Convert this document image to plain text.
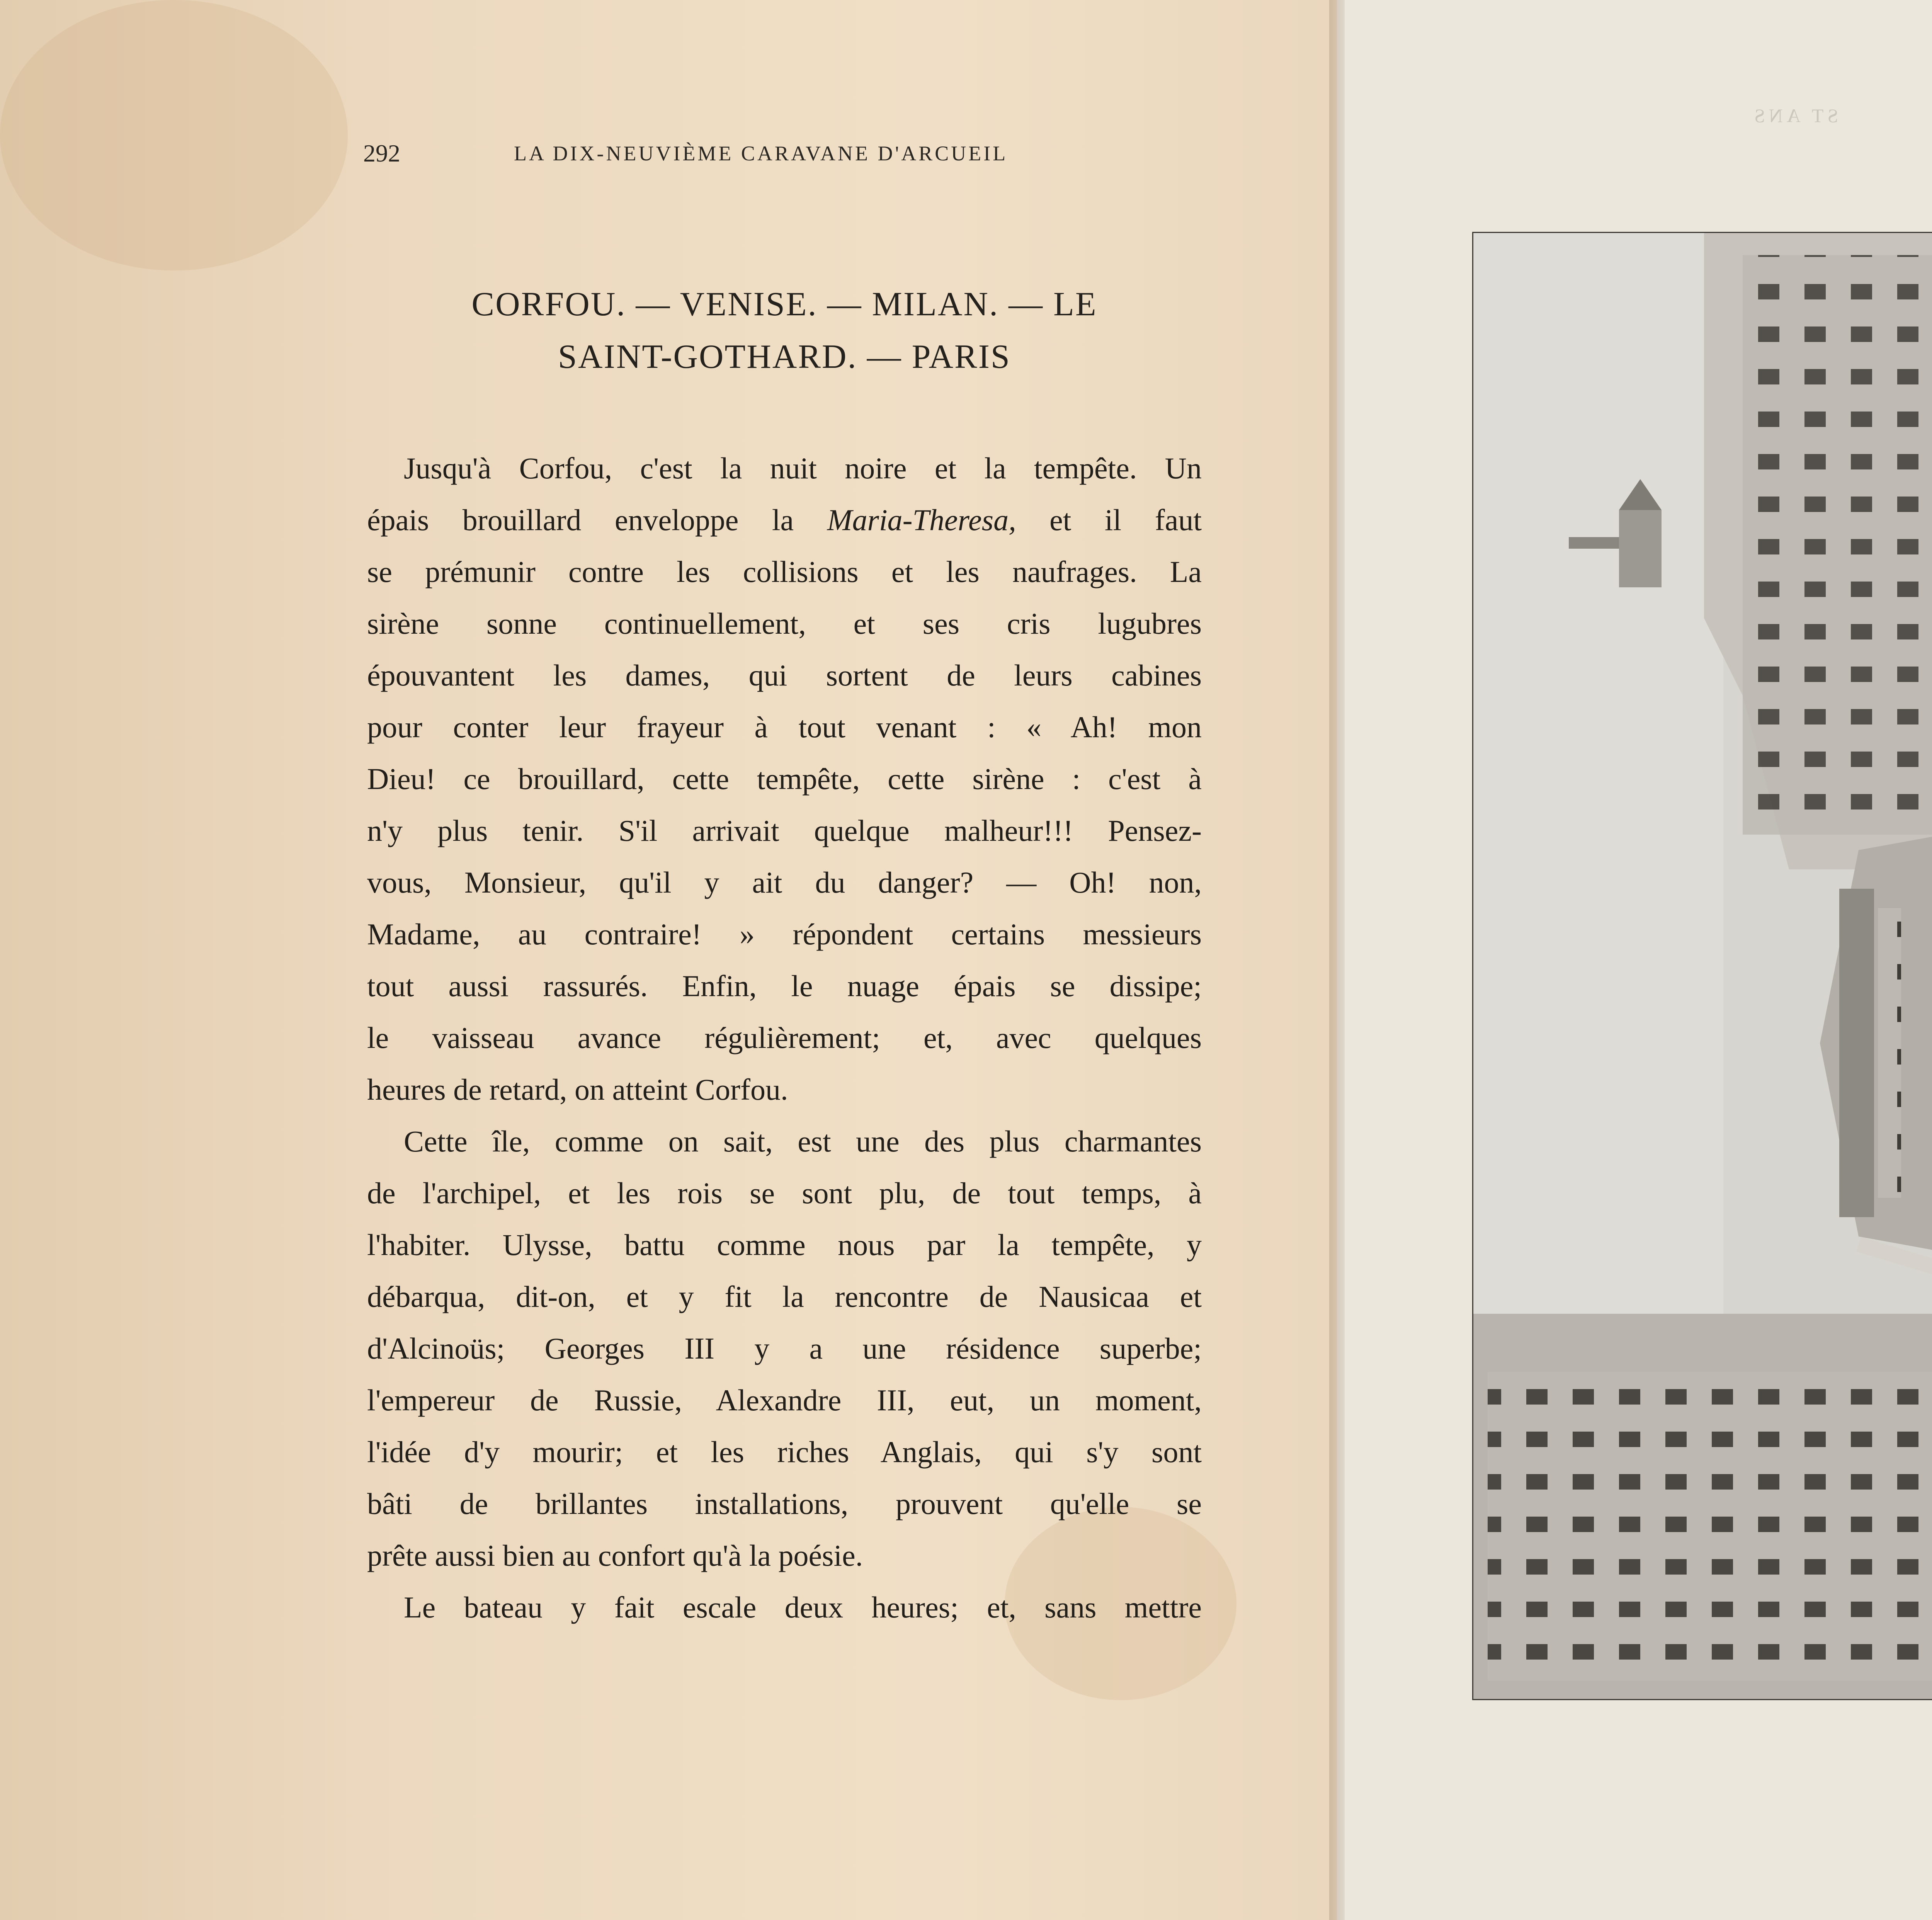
292	LA DIX-NEUVIÈME CARAVANE D'ARCUEIL
CORFOU. — VENISE. — MILAN. — LE
SAINT-GOTHARD. — PARIS

Jusqu'à Corfou, c'est la nuit noire et la tempête. Un

épais brouillard enveloppe la Maria-Theresa, et il faut

se prémunir contre les collisions et les naufrages. La

sirène sonne continuellement, et ses cris lugubres

épouvantent les dames, qui sortent de leurs cabines

pour conter leur frayeur à tout venant : « Ah! mon

Dieu! ce brouillard, cette tempête, cette sirène : c'est à

n'y plus tenir. S'il arrivait quelque malheur!!! Pensez-

vous, Monsieur, qu'il y ait du danger? — Oh! non,

Madame, au contraire! » répondent certains messieurs

tout aussi rassurés. Enfin, le nuage épais se dissipe;

le vaisseau avance régulièrement; et, avec quelques

heures de retard, on atteint Corfou.

Cette île, comme on sait, est une des plus charmantes

de l'archipel, et les rois se sont plu, de tout temps, à

l'habiter. Ulysse, battu comme nous par la tempête, y

débarqua, dit-on, et y fit la rencontre de Nausicaa et

d'Alcinoüs; Georges III y a une résidence superbe;

l'empereur de Russie, Alexandre III, eut, un moment,

l'idée d'y mourir; et les riches Anglais, qui s'y sont

bâti de brillantes installations, prouvent qu'elle se

prête aussi bien au confort qu'à la poésie.

Le bateau y fait escale deux heures; et, sans mettre

ST ANS
